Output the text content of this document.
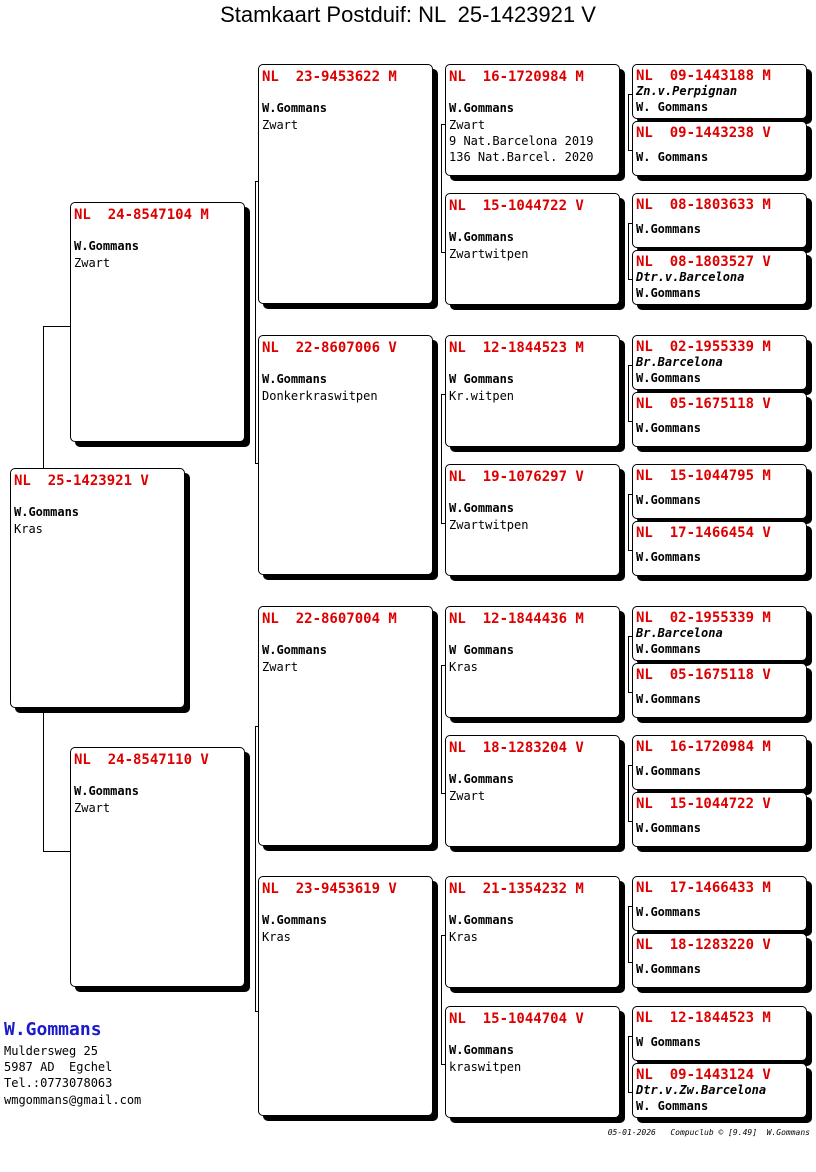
Stamkaart Postduif: NL  25-1423921 V
NL  25-1423921 V
W.Gommans
Kras
NL  24-8547104 M
W.Gommans
Zwart
NL  24-8547110 V
W.Gommans
Zwart
NL  23-9453622 M
W.Gommans
Zwart
NL  22-8607006 V
W.Gommans
Donkerkraswitpen
NL  22-8607004 M
W.Gommans
Zwart
NL  23-9453619 V
W.Gommans
Kras
NL  16-1720984 M
W.Gommans
Zwart
9 Nat.Barcelona 2019
136 Nat.Barcel. 2020
NL  15-1044722 V
W.Gommans
Zwartwitpen
NL  12-1844523 M
W Gommans
Kr.witpen
NL  19-1076297 V
W.Gommans
Zwartwitpen
NL  12-1844436 M
W Gommans
Kras
NL  18-1283204 V
W.Gommans
Zwart
NL  21-1354232 M
W.Gommans
Kras
NL  15-1044704 V
W.Gommans
kraswitpen
NL  09-1443188 M
Zn.v.Perpignan
W. Gommans
NL  09-1443238 V
W. Gommans
NL  08-1803633 M
W.Gommans
NL  08-1803527 V
Dtr.v.Barcelona
W.Gommans
NL  02-1955339 M
Br.Barcelona
W.Gommans
NL  05-1675118 V
W.Gommans
NL  15-1044795 M
W.Gommans
NL  17-1466454 V
W.Gommans
NL  02-1955339 M
Br.Barcelona
W.Gommans
NL  05-1675118 V
W.Gommans
NL  16-1720984 M
W.Gommans
NL  15-1044722 V
W.Gommans
NL  17-1466433 M
W.Gommans
NL  18-1283220 V
W.Gommans
NL  12-1844523 M
W Gommans
NL  09-1443124 V
Dtr.v.Zw.Barcelona
W. Gommans
W.Gommans
Muldersweg 25
5987 AD  Egchel
Tel.:0773078063
wmgommans@gmail.com
05-01-2026   Compuclub © [9.49]  W.Gommans
